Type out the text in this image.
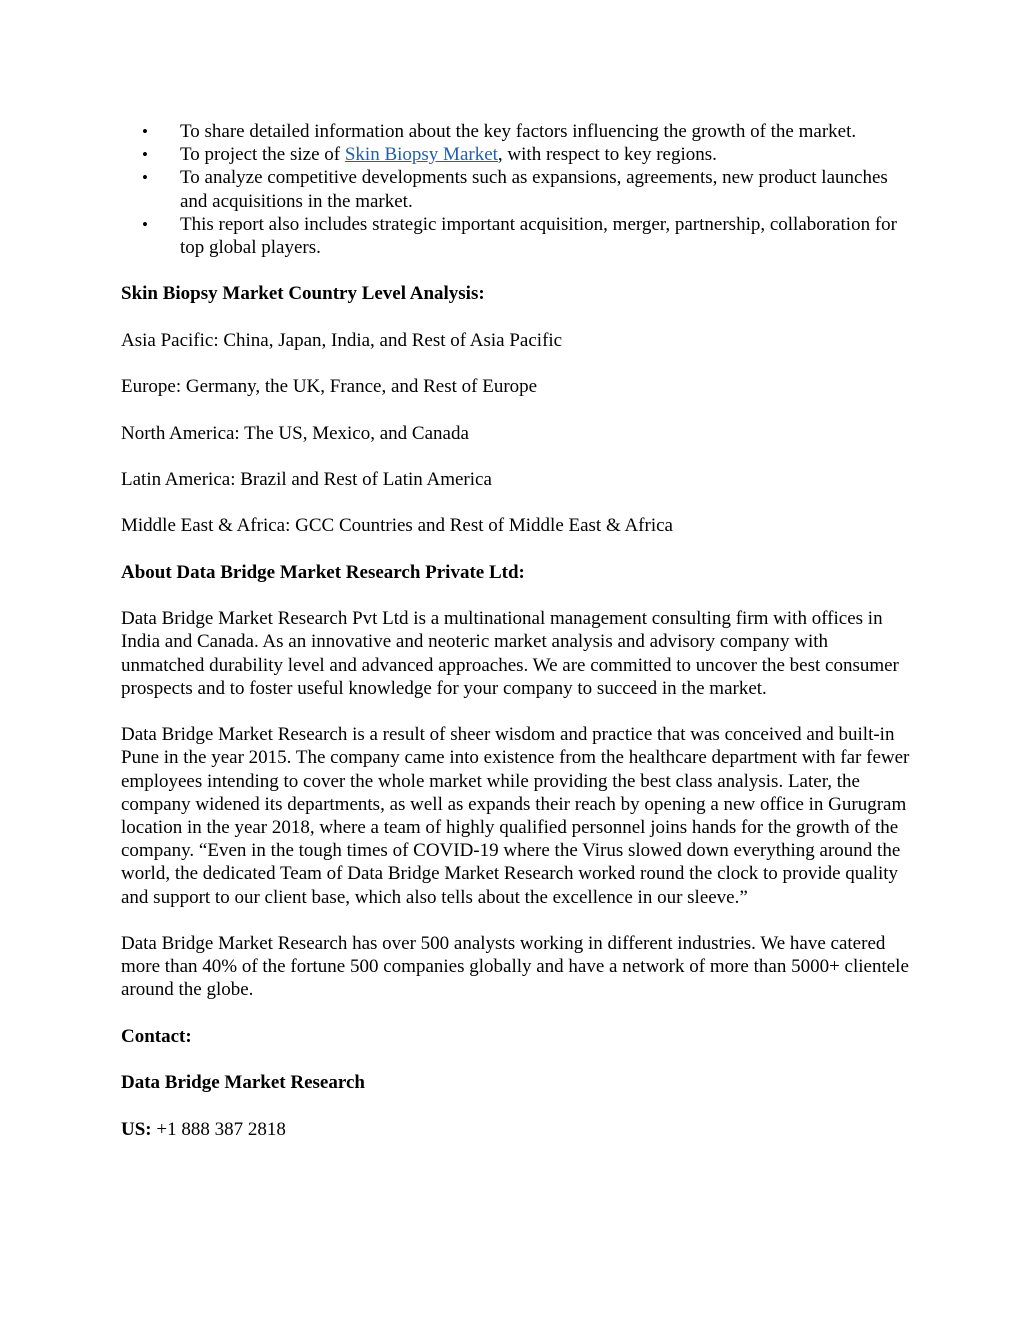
• To share detailed information about the key factors influencing the growth of the market.
• To project the size of Skin Biopsy Market, with respect to key regions.
• To analyze competitive developments such as expansions, agreements, new product launches and acquisitions in the market.
• This report also includes strategic important acquisition, merger, partnership, collaboration for top global players.

Skin Biopsy Market Country Level Analysis:

Asia Pacific: China, Japan, India, and Rest of Asia Pacific

Europe: Germany, the UK, France, and Rest of Europe

North America: The US, Mexico, and Canada

Latin America: Brazil and Rest of Latin America

Middle East & Africa: GCC Countries and Rest of Middle East & Africa

About Data Bridge Market Research Private Ltd:

Data Bridge Market Research Pvt Ltd is a multinational management consulting firm with offices in India and Canada. As an innovative and neoteric market analysis and advisory company with unmatched durability level and advanced approaches. We are committed to uncover the best consumer prospects and to foster useful knowledge for your company to succeed in the market.

Data Bridge Market Research is a result of sheer wisdom and practice that was conceived and built-in Pune in the year 2015. The company came into existence from the healthcare department with far fewer employees intending to cover the whole market while providing the best class analysis. Later, the company widened its departments, as well as expands their reach by opening a new office in Gurugram location in the year 2018, where a team of highly qualified personnel joins hands for the growth of the company. “Even in the tough times of COVID-19 where the Virus slowed down everything around the world, the dedicated Team of Data Bridge Market Research worked round the clock to provide quality and support to our client base, which also tells about the excellence in our sleeve.”

Data Bridge Market Research has over 500 analysts working in different industries. We have catered more than 40% of the fortune 500 companies globally and have a network of more than 5000+ clientele around the globe.

Contact:

Data Bridge Market Research

US: +1 888 387 2818
